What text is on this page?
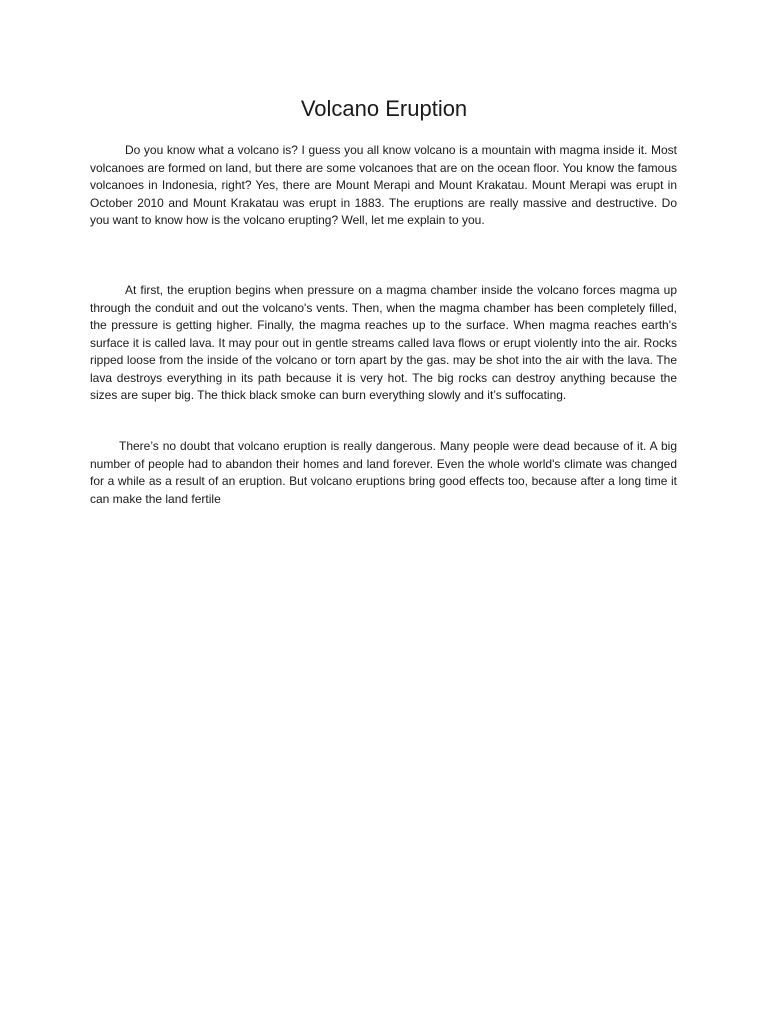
Volcano Eruption

Do you know what a volcano is? I guess you all know volcano is a mountain with magma inside it. Most volcanoes are formed on land, but there are some volcanoes that are on the ocean floor. You know the famous volcanoes in Indonesia, right? Yes, there are Mount Merapi and Mount Krakatau. Mount Merapi was erupt in October 2010 and Mount Krakatau was erupt in 1883. The eruptions are really massive and destructive. Do you want to know how is the volcano erupting? Well, let me explain to you.

At first, the eruption begins when pressure on a magma chamber inside the volcano forces magma up through the conduit and out the volcano's vents. Then, when the magma chamber has been completely filled, the pressure is getting higher. Finally, the magma reaches up to the surface. When magma reaches earth's surface it is called lava. It may pour out in gentle streams called lava flows or erupt violently into the air. Rocks ripped loose from the inside of the volcano or torn apart by the gas. may be shot into the air with the lava. The lava destroys everything in its path because it is very hot. The big rocks can destroy anything because the sizes are super big. The thick black smoke can burn everything slowly and it’s suffocating.

There’s no doubt that volcano eruption is really dangerous. Many people were dead because of it. A big number of people had to abandon their homes and land forever. Even the whole world's climate was changed for a while as a result of an eruption. But volcano eruptions bring good effects too, because after a long time it can make the land fertile
